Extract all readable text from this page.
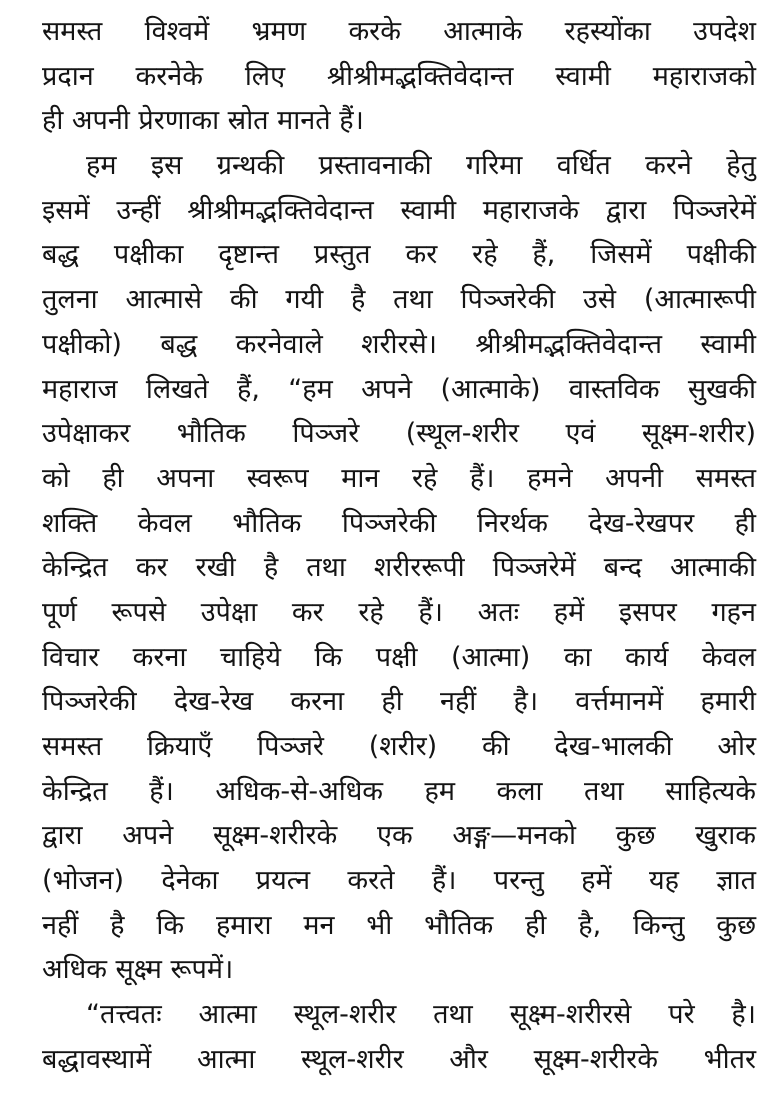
समस्त विश्वमें भ्रमण करके आत्माके रहस्योंका उपदेश
प्रदान करनेके लिए श्रीश्रीमद्भक्तिवेदान्त स्वामी महाराजको
ही अपनी प्रेरणाका स्रोत मानते हैं।
हम इस ग्रन्थकी प्रस्तावनाकी गरिमा वर्धित करने हेतु
इसमें उन्हीं श्रीश्रीमद्भक्तिवेदान्त स्वामी महाराजके द्वारा पिञ्जरेमें
बद्ध पक्षीका दृष्टान्त प्रस्तुत कर रहे हैं, जिसमें पक्षीकी
तुलना आत्मासे की गयी है तथा पिञ्जरेकी उसे (आत्मारूपी
पक्षीको) बद्ध करनेवाले शरीरसे। श्रीश्रीमद्भक्तिवेदान्त स्वामी
महाराज लिखते हैं, “हम अपने (आत्माके) वास्तविक सुखकी
उपेक्षाकर भौतिक पिञ्जरे (स्थूल-शरीर एवं सूक्ष्म-शरीर)
को ही अपना स्वरूप मान रहे हैं। हमने अपनी समस्त
शक्ति केवल भौतिक पिञ्जरेकी निरर्थक देख-रेखपर ही
केन्द्रित कर रखी है तथा शरीररूपी पिञ्जरेमें बन्द आत्माकी
पूर्ण रूपसे उपेक्षा कर रहे हैं। अतः हमें इसपर गहन
विचार करना चाहिये कि पक्षी (आत्मा) का कार्य केवल
पिञ्जरेकी देख-रेख करना ही नहीं है। वर्त्तमानमें हमारी
समस्त क्रियाएँ पिञ्जरे (शरीर) की देख-भालकी ओर
केन्द्रित हैं। अधिक-से-अधिक हम कला तथा साहित्यके
द्वारा अपने सूक्ष्म-शरीरके एक अङ्ग—मनको कुछ खुराक
(भोजन) देनेका प्रयत्न करते हैं। परन्तु हमें यह ज्ञात
नहीं है कि हमारा मन भी भौतिक ही है, किन्तु कुछ
अधिक सूक्ष्म रूपमें।
“तत्त्वतः आत्मा स्थूल-शरीर तथा सूक्ष्म-शरीरसे परे है।
बद्धावस्थामें आत्मा स्थूल-शरीर और सूक्ष्म-शरीरके भीतर
